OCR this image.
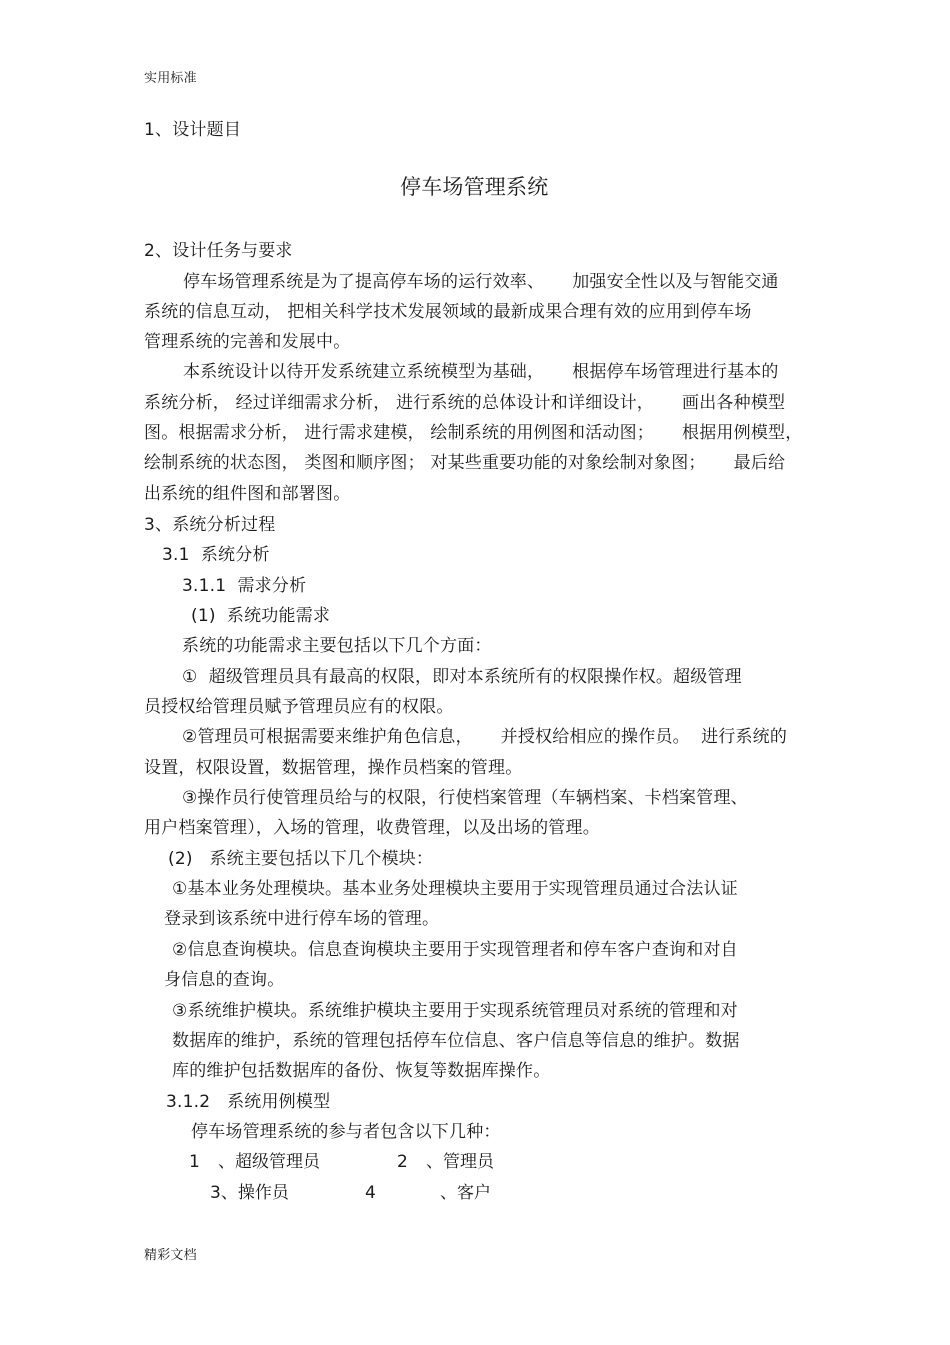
实用标准
1、设计题目
停车场管理系统
2、设计任务与要求
停车场管理系统是为了提高停车场的运行效率、     加强安全性以及与智能交通
系统的信息互动， 把相关科学技术发展领域的最新成果合理有效的应用到停车场
管理系统的完善和发展中。
本系统设计以待开发系统建立系统模型为基础，     根据停车场管理进行基本的
系统分析， 经过详细需求分析， 进行系统的总体设计和详细设计，     画出各种模型
图。根据需求分析， 进行需求建模， 绘制系统的用例图和活动图；     根据用例模型，
绘制系统的状态图， 类图和顺序图； 对某些重要功能的对象绘制对象图；     最后给
出系统的组件图和部署图。
3、系统分析过程
3.1  系统分析
3.1.1  需求分析
(1)  系统功能需求
系统的功能需求主要包括以下几个方面：
①  超级管理员具有最高的权限，即对本系统所有的权限操作权。超级管理
员授权给管理员赋予管理员应有的权限。
②管理员可根据需要来维护角色信息，     并授权给相应的操作员。  进行系统的
设置，权限设置，数据管理，操作员档案的管理。
③操作员行使管理员给与的权限，行使档案管理（车辆档案、卡档案管理、
用户档案管理），入场的管理，收费管理，以及出场的管理。
(2)   系统主要包括以下几个模块：
①基本业务处理模块。基本业务处理模块主要用于实现管理员通过合法认证
登录到该系统中进行停车场的管理。
②信息查询模块。信息查询模块主要用于实现管理者和停车客户查询和对自
身信息的查询。
③系统维护模块。系统维护模块主要用于实现系统管理员对系统的管理和对
数据库的维护，系统的管理包括停车位信息、客户信息等信息的维护。数据
库的维护包括数据库的备份、恢复等数据库操作。
3.1.2   系统用例模型
停车场管理系统的参与者包含以下几种：
1 、超级管理员	2 、管理员
3、操作员	4	、客户
精彩文档
